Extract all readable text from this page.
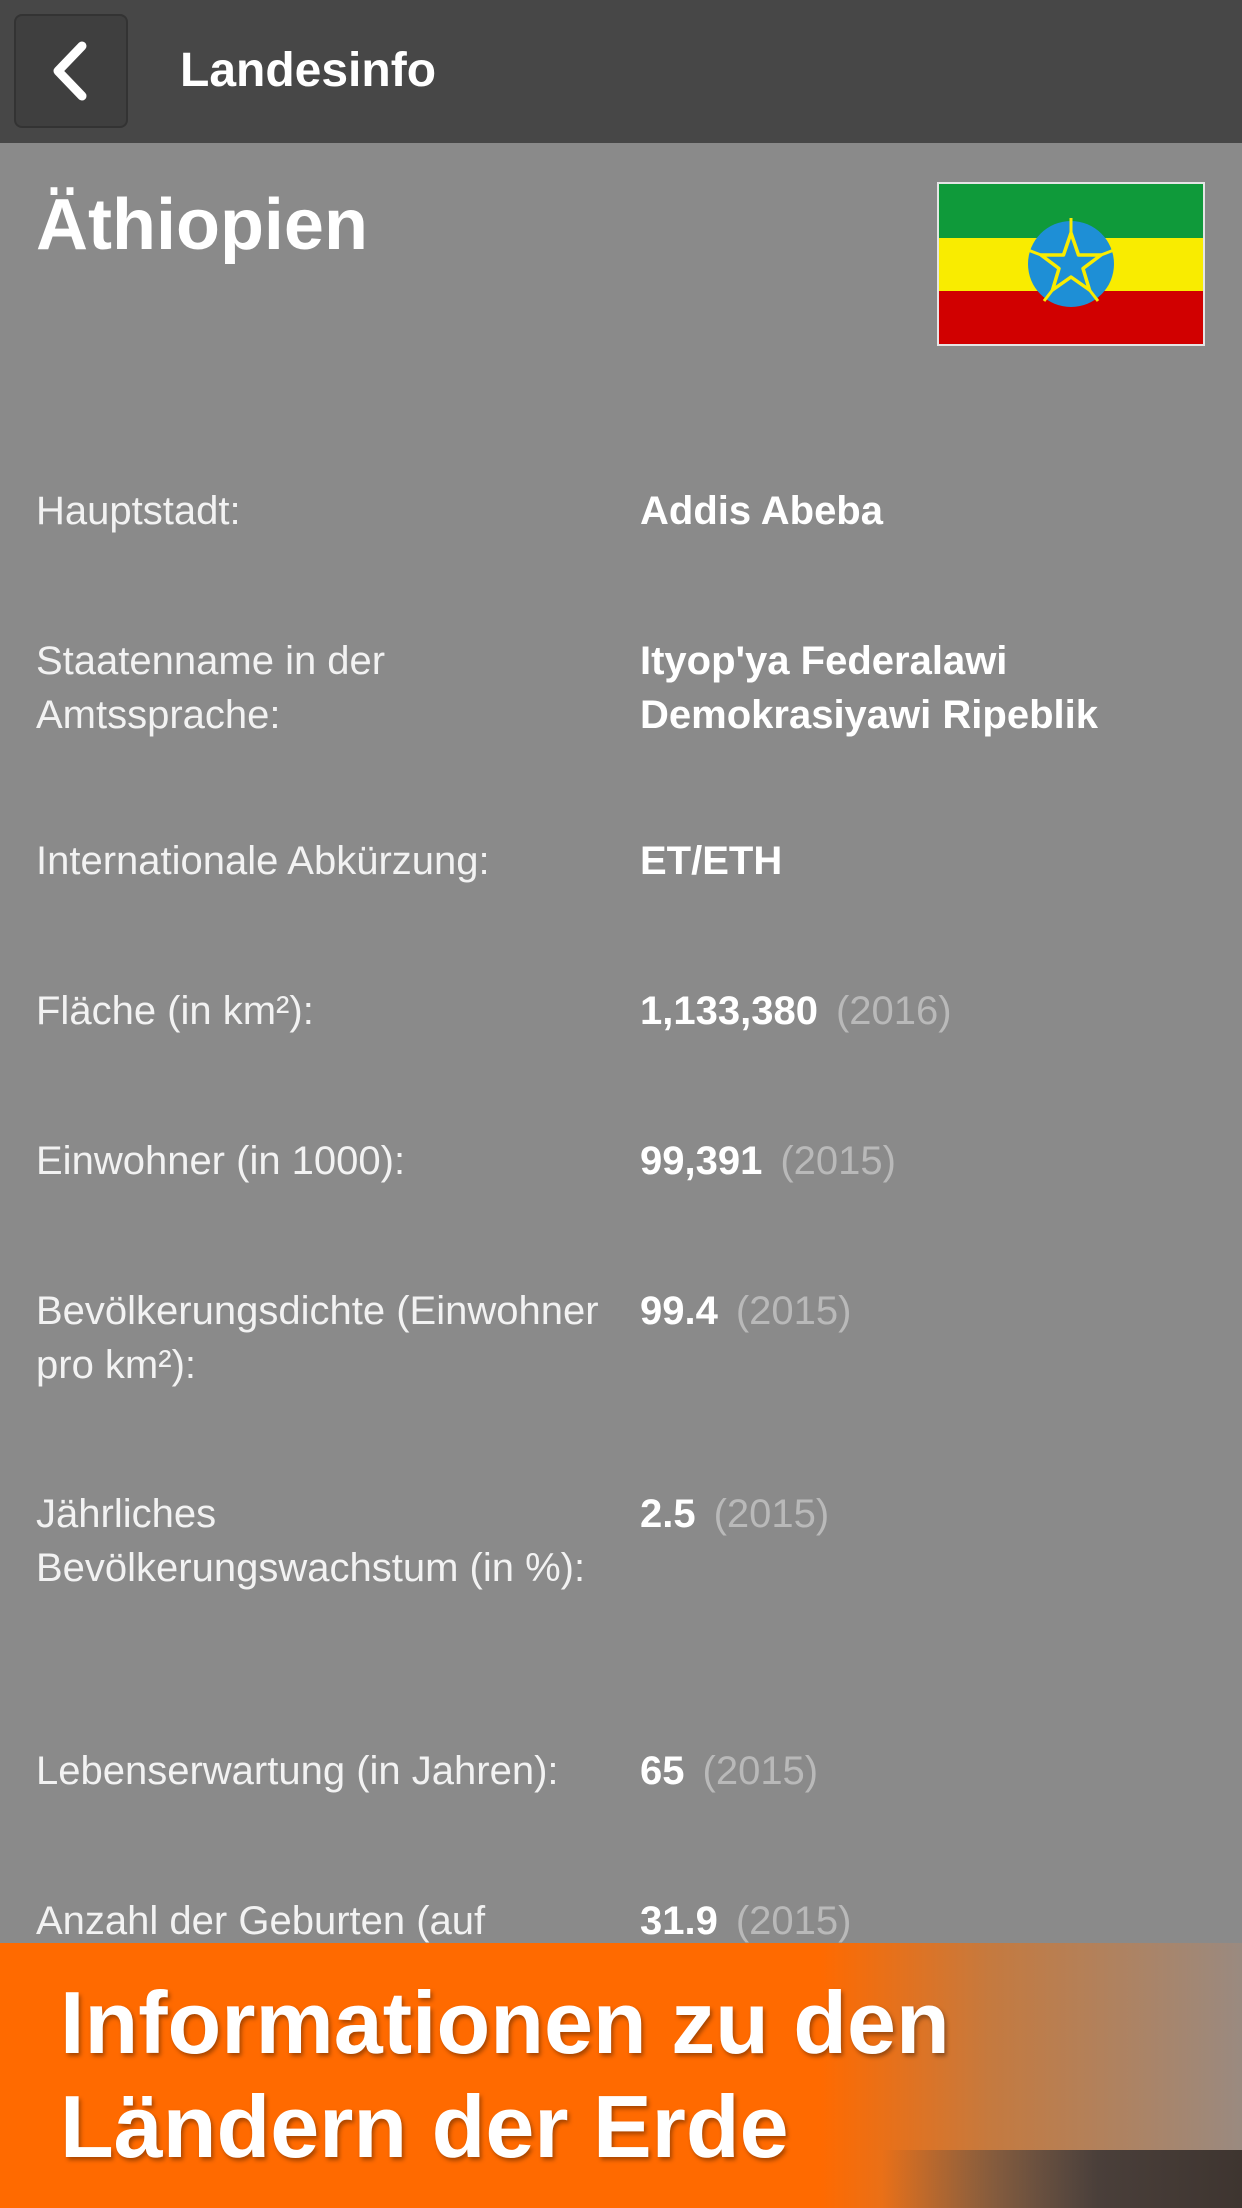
Landesinfo
Äthiopien
Hauptstadt:	Addis Abeba
Staatenname in der Amtssprache:
Ityop'ya Federalawi Demokrasiyawi Ripeblik
Internationale Abkürzung:	ET/ETH
Fläche (in km²):	1,133,380 (2016)
Einwohner (in 1000):	99,391 (2015)
Bevölkerungsdichte (Einwohner pro km²):
99.4 (2015)
Jährliches Bevölkerungswachstum (in %):
2.5 (2015)
Lebenserwartung (in Jahren):	65 (2015)
Anzahl der Geburten (auf	31.9 (2015)
Informationen zu den
Ländern der Erde
